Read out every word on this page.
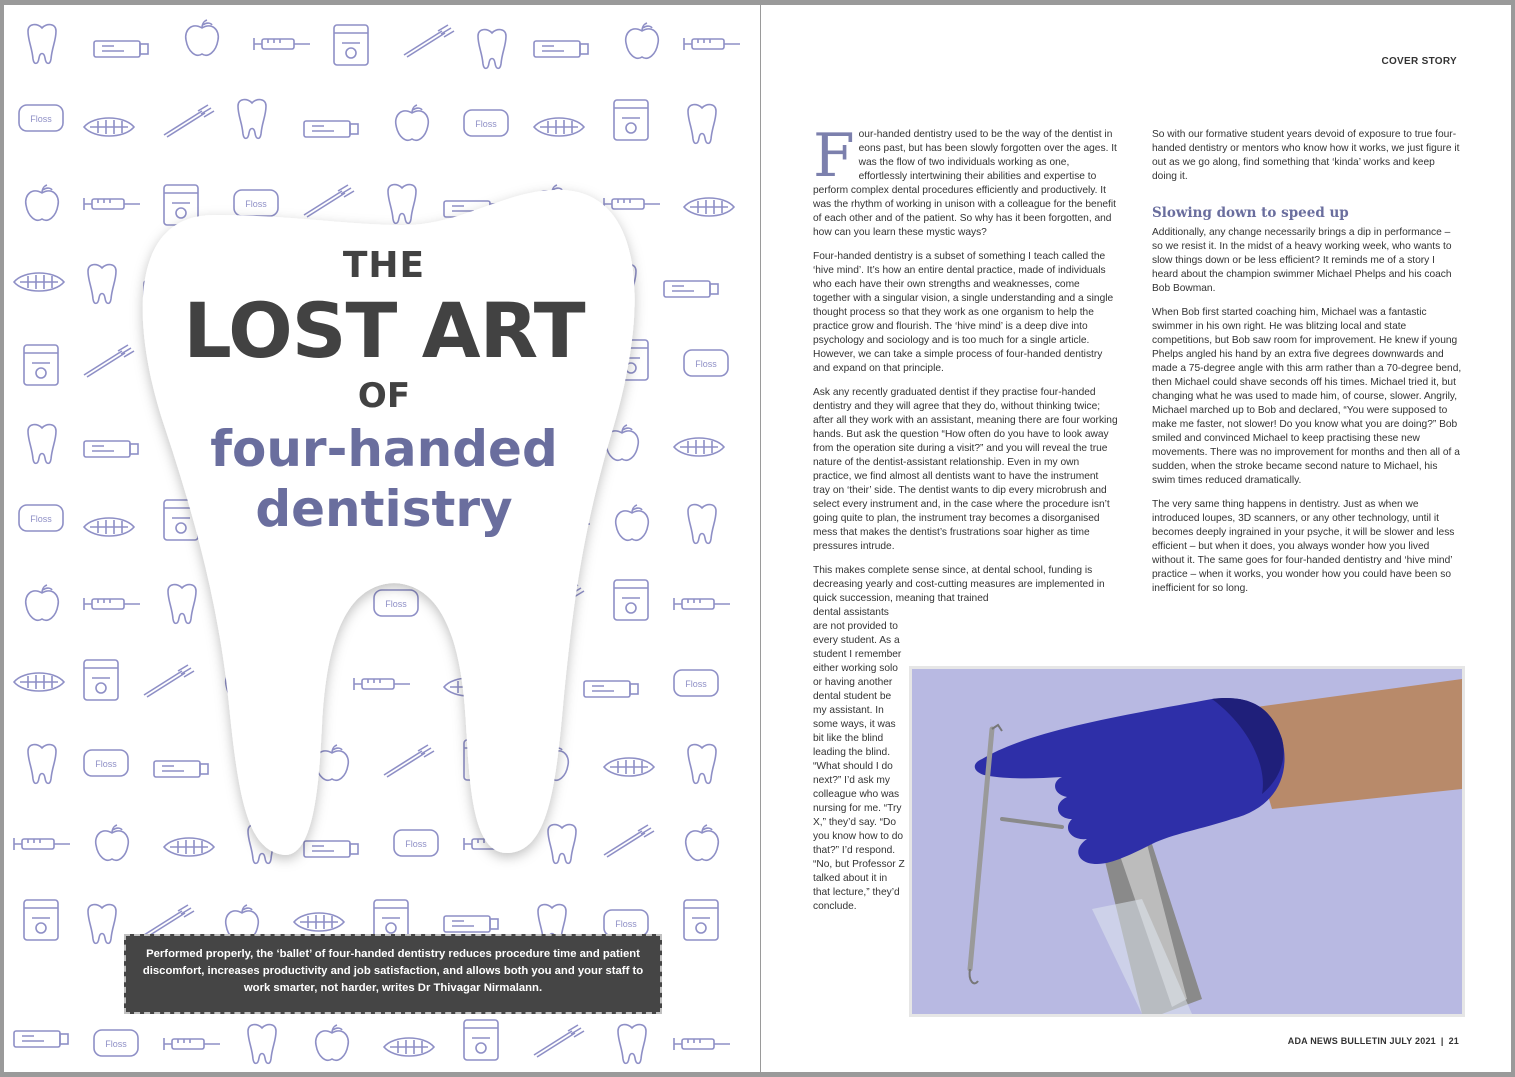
Floss
THE
LOST ART
OF
four-handed
dentistry
Performed properly, the ‘ballet’ of four-handed dentistry reduces procedure time and patient discomfort, increases productivity and job satisfaction, and allows both you and your staff to work smarter, not harder, writes Dr Thivagar Nirmalann.
COVER STORY

Four-handed dentistry used to be the way of the dentist in eons past, but has been slowly forgotten over the ages. It was the flow of two individuals working as one, effortlessly intertwining their abilities and expertise to perform complex dental procedures efficiently and productively. It was the rhythm of working in unison with a colleague for the benefit of each other and of the patient. So why has it been forgotten, and how can you learn these mystic ways?

Four-handed dentistry is a subset of something I teach called the ‘hive mind’. It’s how an entire dental practice, made of individuals who each have their own strengths and weaknesses, come together with a singular vision, a single understanding and a single thought process so that they work as one organism to help the practice grow and flourish. The ‘hive mind’ is a deep dive into psychology and sociology and is too much for a single article. However, we can take a simple process of four-handed dentistry and expand on that principle.

Ask any recently graduated dentist if they practise four-handed dentistry and they will agree that they do, without thinking twice; after all they work with an assistant, meaning there are four working hands. But ask the question “How often do you have to look away from the operation site during a visit?” and you will reveal the true nature of the dentist-assistant relationship. Even in my own practice, we find almost all dentists want to have the instrument tray on ‘their’ side. The dentist wants to dip every microbrush and select every instrument and, in the case where the procedure isn’t going quite to plan, the instrument tray becomes a disorganised mess that makes the dentist’s frustrations soar higher as time pressures intrude.

This makes complete sense since, at dental school, funding is decreasing yearly and cost-cutting measures are implemented in quick succession, meaning that trained

dental assistants are not provided to every student. As a student I remember either working solo or having another dental student be my assistant. In some ways, it was bit like the blind leading the blind. “What should I do next?” I’d ask my colleague who was nursing for me. “Try X,” they’d say. “Do you know how to do that?” I’d respond. “No, but Professor Z talked about it in that lecture,” they’d conclude.

So with our formative student years devoid of exposure to true four-handed dentistry or mentors who know how it works, we just figure it out as we go along, find something that ‘kinda’ works and keep doing it.

Slowing down to speed up

Additionally, any change necessarily brings a dip in performance – so we resist it. In the midst of a heavy working week, who wants to slow things down or be less efficient? It reminds me of a story I heard about the champion swimmer Michael Phelps and his coach Bob Bowman.

When Bob first started coaching him, Michael was a fantastic swimmer in his own right. He was blitzing local and state competitions, but Bob saw room for improvement. He knew if young Phelps angled his hand by an extra five degrees downwards and made a 75-degree angle with this arm rather than a 70-degree bend, then Michael could shave seconds off his times. Michael tried it, but changing what he was used to made him, of course, slower. Angrily, Michael marched up to Bob and declared, “You were supposed to make me faster, not slower! Do you know what you are doing?” Bob smiled and convinced Michael to keep practising these new movements. There was no improvement for months and then all of a sudden, when the stroke became second nature to Michael, his swim times reduced dramatically.

The very same thing happens in dentistry. Just as when we introduced loupes, 3D scanners, or any other technology, until it becomes deeply ingrained in your psyche, it will be slower and less efficient – but when it does, you always wonder how you lived without it. The same goes for four-handed dentistry and ‘hive mind’ practice – when it works, you wonder how you could have been so inefficient for so long.

ADA NEWS BULLETIN JULY 2021 | 21
